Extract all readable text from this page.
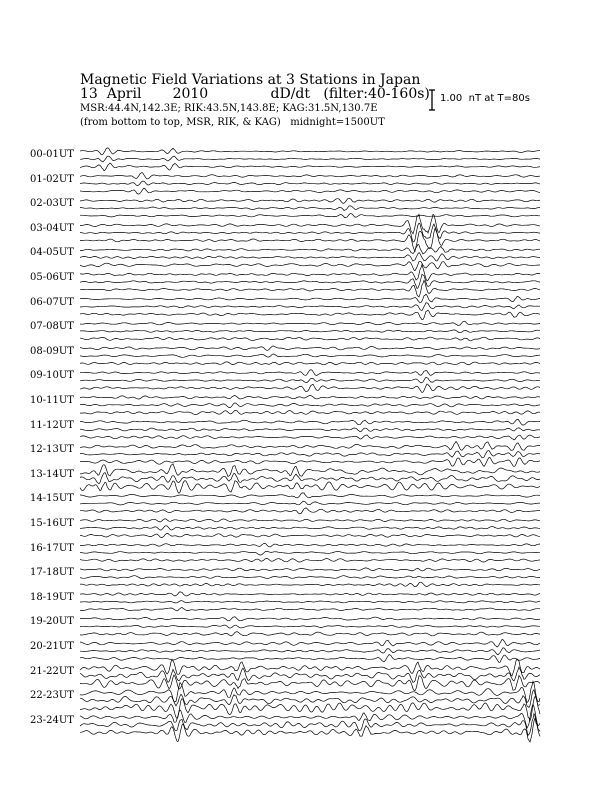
Magnetic Field Variations at 3 Stations in Japan
13  April       2010              dD/dt   (filter:40-160s)
MSR:44.4N,142.3E; RIK:43.5N,143.8E; KAG:31.5N,130.7E
(from bottom to top, MSR, RIK, & KAG)   midnight=1500UT
1.00  nT at T=80s
00-01UT
01-02UT
02-03UT
03-04UT
04-05UT
05-06UT
06-07UT
07-08UT
08-09UT
09-10UT
10-11UT
11-12UT
12-13UT
13-14UT
14-15UT
15-16UT
16-17UT
17-18UT
18-19UT
19-20UT
20-21UT
21-22UT
22-23UT
23-24UT
